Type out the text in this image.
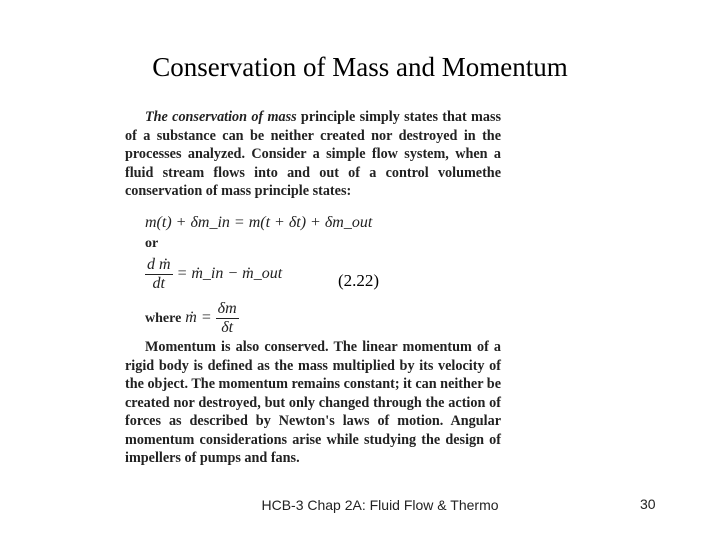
Conservation of Mass and Momentum

The conservation of mass principle simply states that mass of a substance can be neither created nor destroyed in the processes analyzed. Consider a simple flow system, when a fluid stream flows into and out of a control volumethe conservation of mass principle states:

m(t) + δm_in = m(t + δt) + δm_out
or
$\frac{\text{d ṁ}}{dt}$ = ṁ_in − ṁ_out	(2.22)
where ṁ = $\frac{\delta m}{\delta t}$

Momentum is also conserved. The linear momentum of a rigid body is defined as the mass multiplied by its velocity of the object. The momentum remains constant; it can neither be created nor destroyed, but only changed through the action of forces as described by Newton's laws of motion. Angular momentum considerations arise while studying the design of impellers of pumps and fans.

HCB-3 Chap 2A: Fluid Flow & Thermo	30
